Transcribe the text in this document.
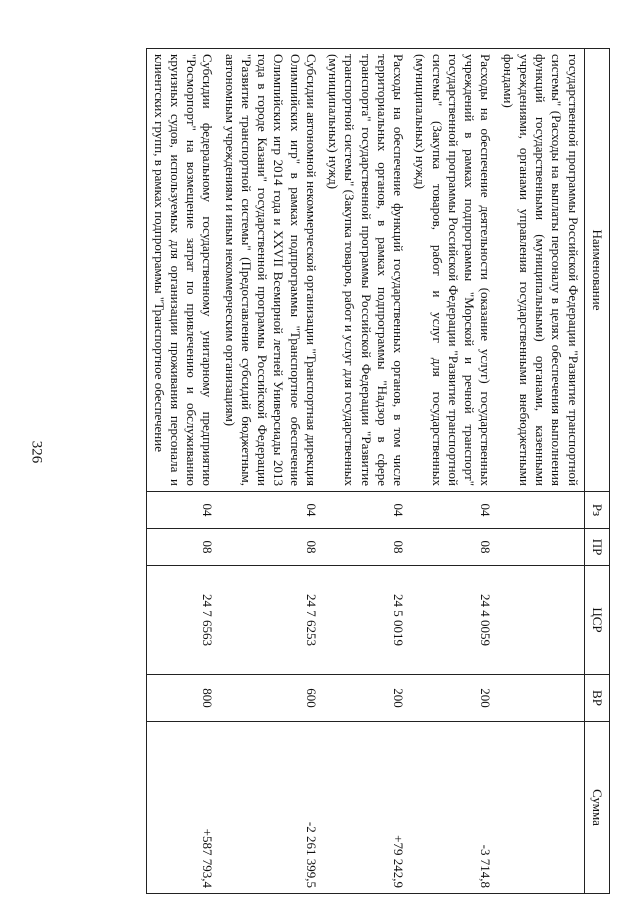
326
Наименование	Рз	ПР	ЦСР	ВР	Сумма
государственной программы Российской Федерации "Развитие транспортной системы" (Расходы на выплаты персоналу в целях обеспечения выполнения функций государственными (муниципальными) органами, казенными учреждениями, органами управления государственными внебюджетными фондами)					
Расходы на обеспечение деятельности (оказание услуг) государственных учреждений в рамках подпрограммы "Морской и речной транспорт" государственной программы Российской Федерации "Развитие транспортной системы" (Закупка товаров, работ и услуг для государственных (муниципальных) нужд)	04	08	24 4 0059	200	-3 714,8
Расходы на обеспечение функций государственных органов, в том числе территориальных органов, в рамках подпрограммы "Надзор в сфере транспорта" государственной программы Российской Федерации "Развитие транспортной системы" (Закупка товаров, работ и услуг для государственных (муниципальных) нужд)	04	08	24 5 0019	200	+79 242,9
Субсидии автономной некоммерческой организации "Транспортная дирекция Олимпийских игр" в рамках подпрограммы "Транспортное обеспечение Олимпийских игр 2014 года и XXVII Всемирной летней Универсиады 2013 года в городе Казани" государственной программы Российской Федерации "Развитие транспортной системы" (Предоставление субсидий бюджетным, автономным учреждениям и иным некоммерческим организациям)	04	08	24 7 6253	600	-2 261 399,5
Субсидии федеральному государственному унитарному предприятию "Росморпорт" на возмещение затрат по привлечению и обслуживанию круизных судов, используемых для организации проживания персонала и клиентских групп, в рамках подпрограммы "Транспортное обеспечение	04	08	24 7 6563	800	+587 793,4
